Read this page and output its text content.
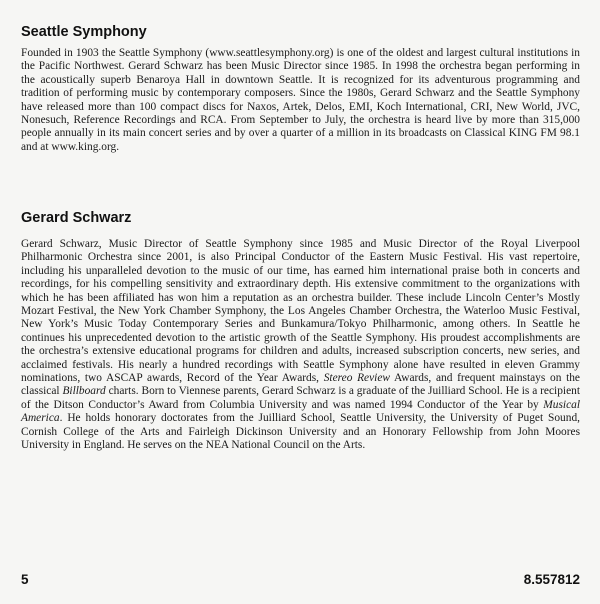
Seattle Symphony

Founded in 1903 the Seattle Symphony (www.seattlesymphony.org) is one of the oldest and largest cultural institutions in the Pacific Northwest. Gerard Schwarz has been Music Director since 1985. In 1998 the orchestra began performing in the acoustically superb Benaroya Hall in downtown Seattle. It is recognized for its adventurous programming and tradition of performing music by contemporary composers. Since the 1980s, Gerard Schwarz and the Seattle Symphony have released more than 100 compact discs for Naxos, Artek, Delos, EMI, Koch International, CRI, New World, JVC, Nonesuch, Reference Recordings and RCA. From September to July, the orchestra is heard live by more than 315,000 people annually in its main concert series and by over a quarter of a million in its broadcasts on Classical KING FM 98.1 and at www.king.org.

Gerard Schwarz

Gerard Schwarz, Music Director of Seattle Symphony since 1985 and Music Director of the Royal Liverpool Philharmonic Orchestra since 2001, is also Principal Conductor of the Eastern Music Festival. His vast repertoire, including his unparalleled devotion to the music of our time, has earned him international praise both in concerts and recordings, for his compelling sensitivity and extraordinary depth. His extensive commitment to the organizations with which he has been affiliated has won him a reputation as an orchestra builder. These include Lincoln Center’s Mostly Mozart Festival, the New York Chamber Symphony, the Los Angeles Chamber Orchestra, the Waterloo Music Festival, New York’s Music Today Contemporary Series and Bunkamura/Tokyo Philharmonic, among others. In Seattle he continues his unprecedented devotion to the artistic growth of the Seattle Symphony. His proudest accomplishments are the orchestra’s extensive educational programs for children and adults, increased subscription concerts, new series, and acclaimed festivals. His nearly a hundred recordings with Seattle Symphony alone have resulted in eleven Grammy nominations, two ASCAP awards, Record of the Year Awards, Stereo Review Awards, and frequent mainstays on the classical Billboard charts. Born to Viennese parents, Gerard Schwarz is a graduate of the Juilliard School. He is a recipient of the Ditson Conductor’s Award from Columbia University and was named 1994 Conductor of the Year by Musical America. He holds honorary doctorates from the Juilliard School, Seattle University, the University of Puget Sound, Cornish College of the Arts and Fairleigh Dickinson University and an Honorary Fellowship from John Moores University in England. He serves on the NEA National Council on the Arts.

5	8.557812
